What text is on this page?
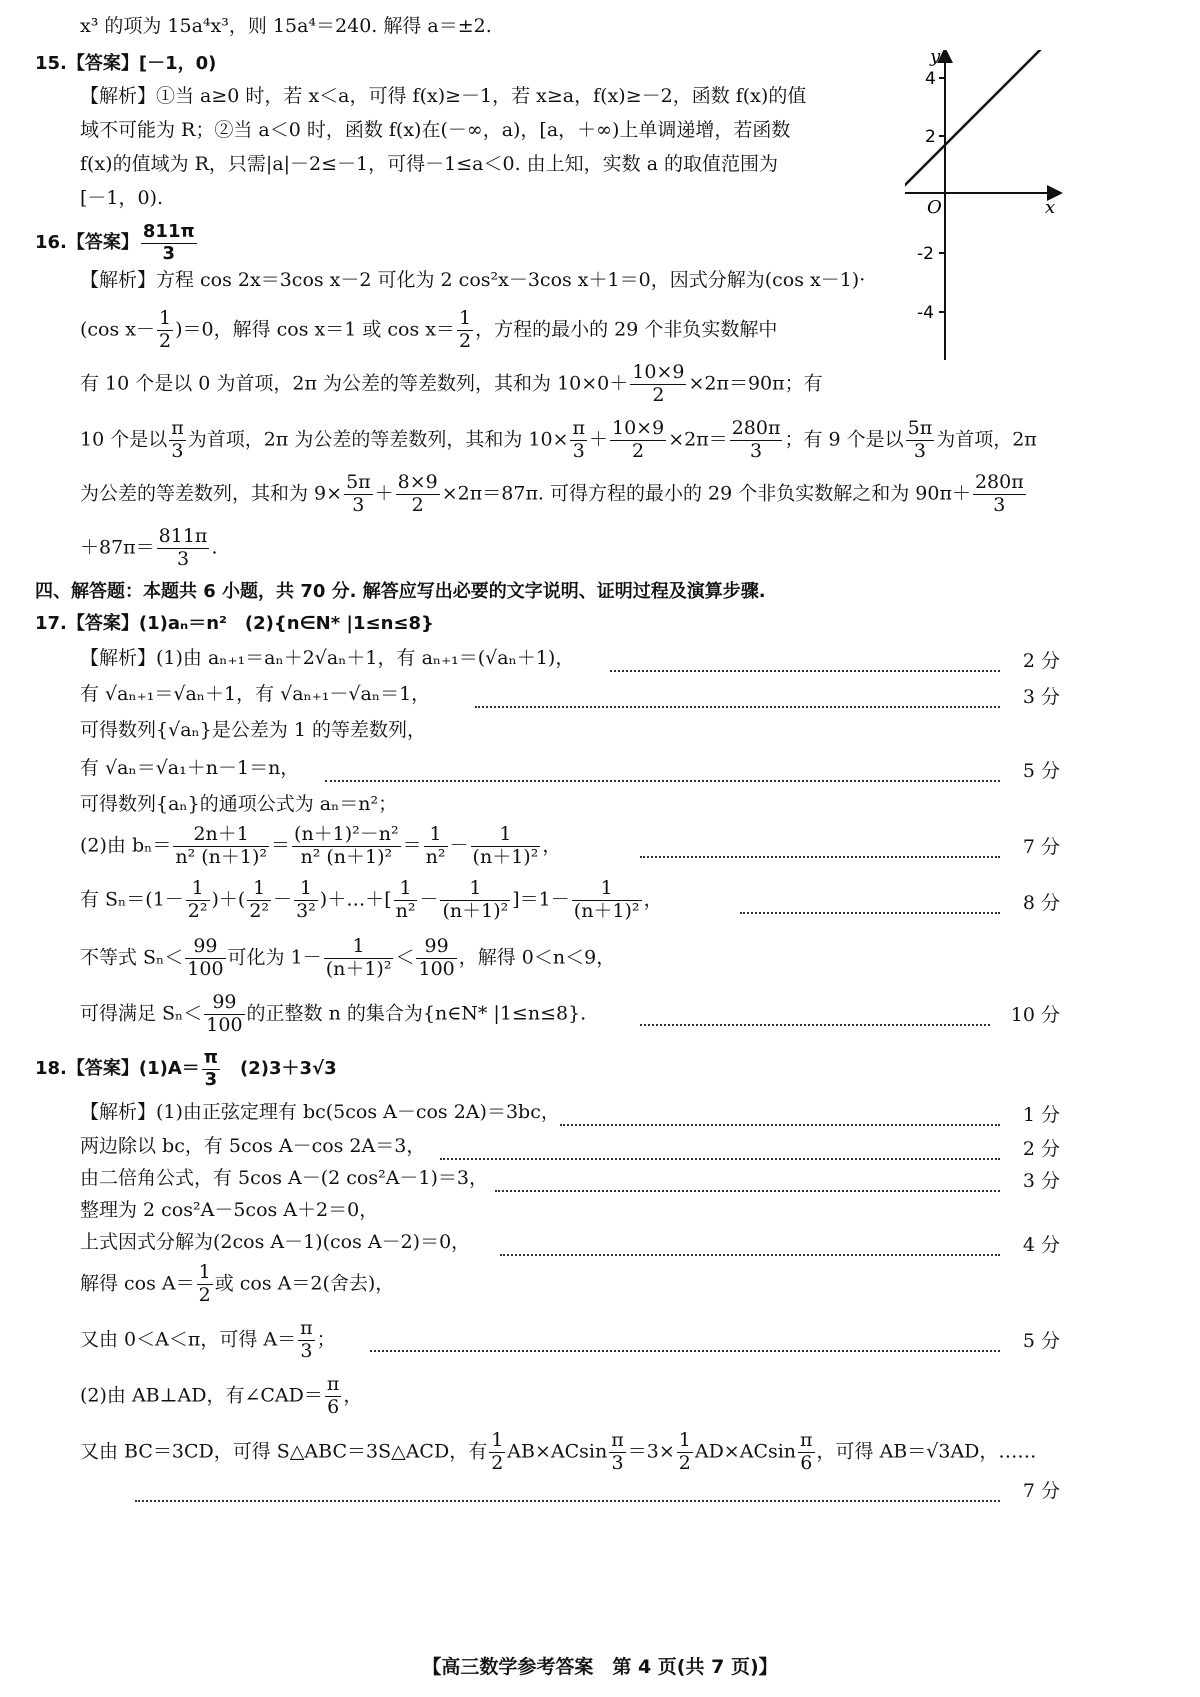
x³ 的项为 15a⁴x³，则 15a⁴＝240. 解得 a＝±2.
15.【答案】[－1，0)
【解析】①当 a≥0 时，若 x＜a，可得 f(x)≥－1，若 x≥a，f(x)≥－2，函数 f(x)的值
域不可能为 R；②当 a＜0 时，函数 f(x)在(－∞，a)，[a，＋∞)上单调递增，若函数
f(x)的值域为 R，只需|a|－2≤－1，可得－1≤a＜0. 由上知，实数 a 的取值范围为
[－1，0).
y
x
O
4
2
-2
-4
16.【答案】 $\frac{811\pi}{3}$
【解析】方程 cos 2x＝3cos x－2 可化为 2 cos²x－3cos x＋1＝0，因式分解为(cos x－1)·
(cos $x- \frac{1}{2} )=0$，解得 cos x＝1 或 $\cos x= \frac{1}{2}$ ，方程的最小的 29 个非负实数解中
有 10 个是以 0 为首项，2π 为公差的等差数列，其和为 $10\times 0+ \frac{10\times 9}{2} \times 2\pi=90\pi$；有
10 个是以 $\frac{\pi}{3}$ 为首项，2π 为公差的等差数列，其和为 $10\times \frac{\pi}{3} + \frac{10\times 9}{2} \times 2\pi= \frac{280\pi}{3}$ ；有 9 个是以 $\frac{5\pi}{3}$ 为首项，2π
为公差的等差数列，其和为 $9\times \frac{5\pi}{3} + \frac{8\times 9}{2} \times 2\pi=87\pi$. 可得方程的最小的 29 个非负实数解之和为 $90\pi+ \frac{280\pi}{3}$
$+87\pi= \frac{811\pi}{3}$ .
四、解答题：本题共 6 小题，共 70 分. 解答应写出必要的文字说明、证明过程及演算步骤.
17.【答案】(1)aₙ＝n²　(2){n∈N* |1≤n≤8}
【解析】(1)由 aₙ₊₁＝aₙ＋2√aₙ＋1，有 aₙ₊₁＝(√aₙ＋1)，	2 分
有 √aₙ₊₁＝√aₙ＋1，有 √aₙ₊₁－√aₙ＝1，	3 分
可得数列{√aₙ}是公差为 1 的等差数列，
有 √aₙ＝√a₁＋n－1＝n，	5 分
可得数列{aₙ}的通项公式为 aₙ＝n²；
(2)由 $b_n= \frac{2n+1}{\text{n² (n＋1)²}} = \frac{\text{(n＋1)²－n²}}{\text{n² (n＋1)²}} = \frac{1}{\text{n²}} - \frac{1}{\text{(n＋1)²}}$ ，	7 分
有 $S_n=(1- \frac{1}{\text{2²}}$ )＋( $\frac{1}{\text{2²}} - \frac{1}{\text{3²}}$ )＋…＋[ $\frac{1}{\text{n²}} - \frac{1}{\text{(n＋1)²}} ]=1- \frac{1}{\text{(n＋1)²}}$ ，	8 分
不等式 $S_n< \frac{99}{100}$ 可化为 $1- \frac{1}{\text{(n＋1)²}} < \frac{99}{100}$ ，解得 0＜n＜9，
可得满足 $S_n< \frac{99}{100}$ 的正整数 n 的集合为{n∈N* |1≤n≤8}.	10 分
18.【答案】$(1)A= \frac{\pi}{3}$
　 (2)3＋3√3
【解析】(1)由正弦定理有 bc(5cos A－cos 2A)＝3bc，	1 分
两边除以 bc，有 5cos A－cos 2A＝3，	2 分
由二倍角公式，有 5cos A－(2 cos²A－1)＝3，	3 分
整理为 2 cos²A－5cos A＋2＝0，
上式因式分解为(2cos A－1)(cos A－2)＝0，	4 分
解得 $\cos A= \frac{1}{2}$ 或 cos A＝2(舍去)，
又由 0＜A＜π，可得 $A= \frac{\pi}{3}$ ；	5 分
(2)由 AB⊥AD，有∠CAD＝ $\frac{\pi}{6}$ ，
又由 BC＝3CD，可得 S△ABC＝3S△ACD，有 $\frac{1}{2} AB\times ACsin \frac{\pi}{3} =3\times \frac{1}{2} AD\times ACsin \frac{\pi}{6}$ ，可得 AB＝√3AD，……
7 分
【高三数学参考答案　第 4 页(共 7 页)】
